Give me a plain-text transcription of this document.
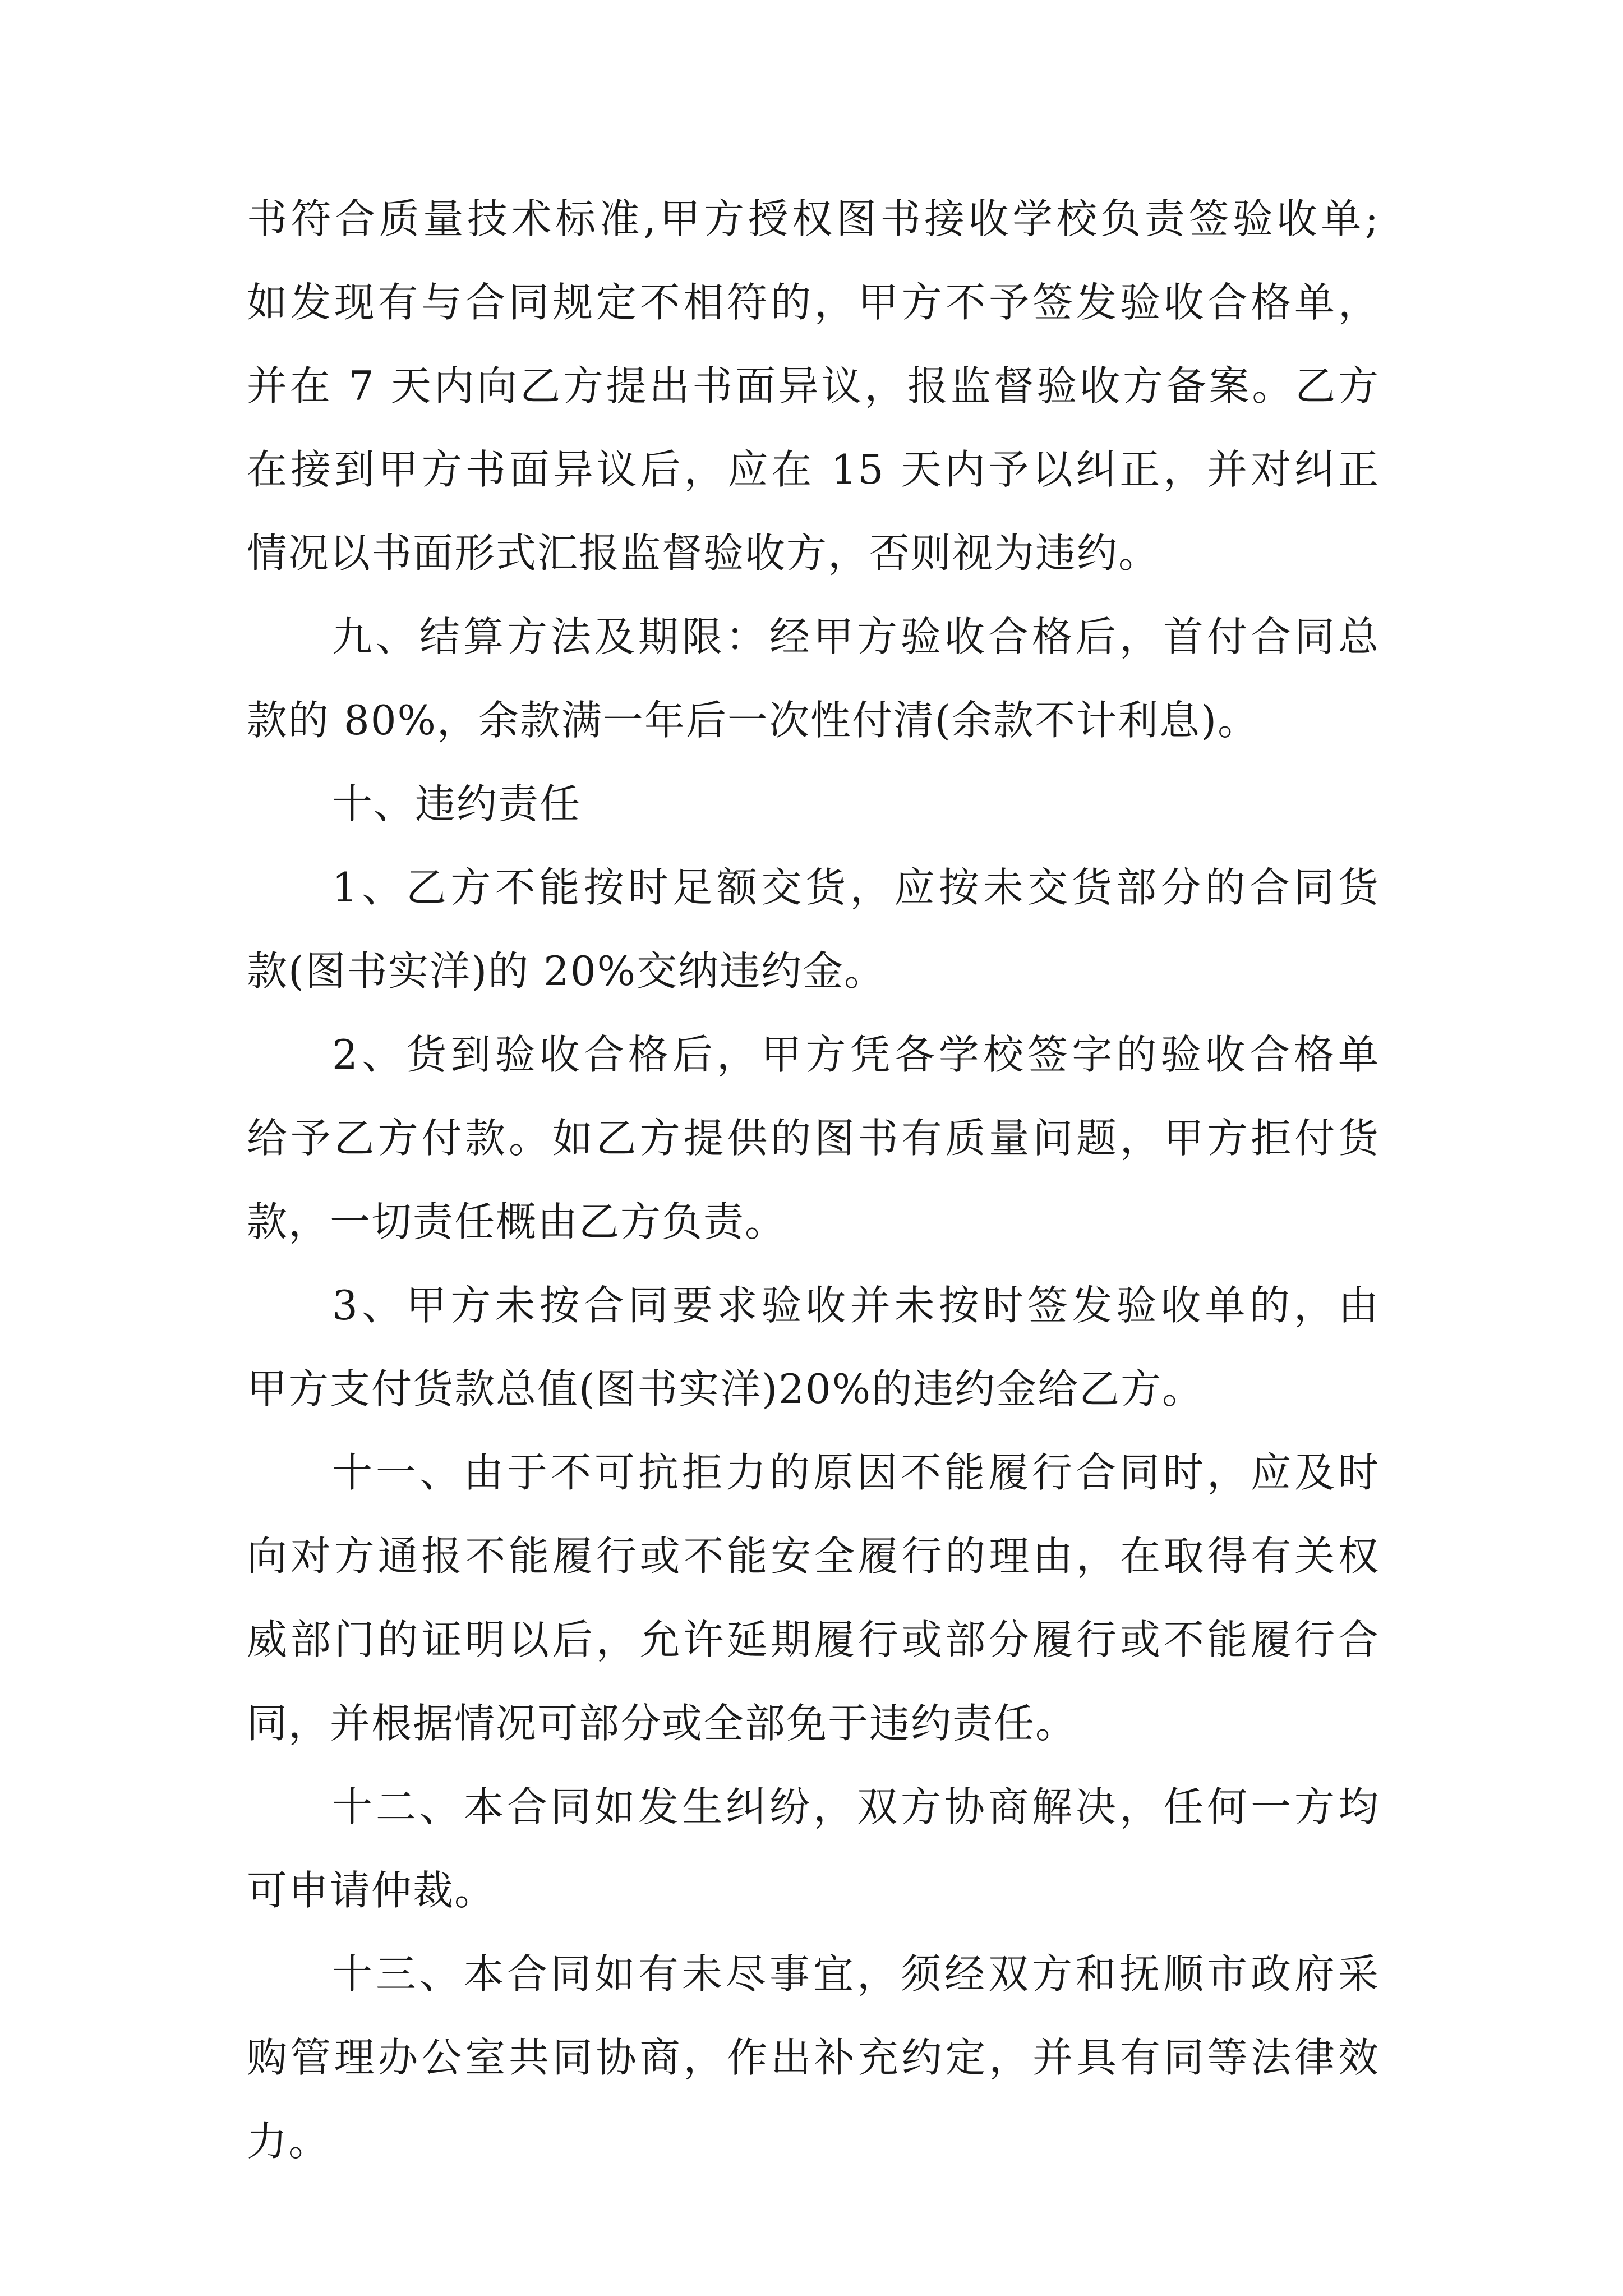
书符合质量技术标准,甲方授权图书接收学校负责签验收单;
如发现有与合同规定不相符的，甲方不予签发验收合格单，
并在 7 天内向乙方提出书面异议，报监督验收方备案。乙方
在接到甲方书面异议后，应在 15 天内予以纠正，并对纠正
情况以书面形式汇报监督验收方，否则视为违约。
九、结算方法及期限：经甲方验收合格后，首付合同总
款的 80%，余款满一年后一次性付清(余款不计利息)。
十、违约责任
1、乙方不能按时足额交货，应按未交货部分的合同货
款(图书实洋)的 20%交纳违约金。
2、货到验收合格后，甲方凭各学校签字的验收合格单
给予乙方付款。如乙方提供的图书有质量问题，甲方拒付货
款，一切责任概由乙方负责。
3、甲方未按合同要求验收并未按时签发验收单的，由
甲方支付货款总值(图书实洋)20%的违约金给乙方。
十一、由于不可抗拒力的原因不能履行合同时，应及时
向对方通报不能履行或不能安全履行的理由，在取得有关权
威部门的证明以后，允许延期履行或部分履行或不能履行合
同，并根据情况可部分或全部免于违约责任。
十二、本合同如发生纠纷，双方协商解决，任何一方均
可申请仲裁。
十三、本合同如有未尽事宜，须经双方和抚顺市政府采
购管理办公室共同协商，作出补充约定，并具有同等法律效
力。
